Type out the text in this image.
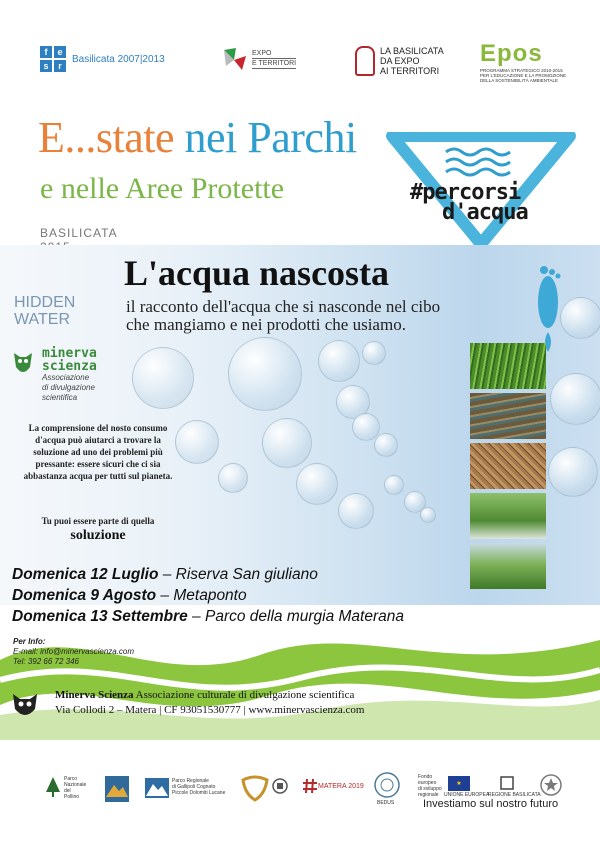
f	e
s	r
Basilicata 2007|2013	EXPO
E TERRITORI
LA BASILICATA
DA EXPO
AI TERRITORI
Epos
PROGRAMMA STRATEGICO 2010-2015 PER L'EDUCAZIONE E LA PROMOZIONE DELLA SOSTENIBILITÀ AMBIENTALE
E...state nei Parchi
e nelle Aree Protette	#percorsi
d'acqua
BASILICATA
L'acqua nascosta
il racconto dell'acqua che si nasconde nel cibo che mangiamo e nei prodotti che usiamo.
HIDDEN
WATER
minerva
scienza
Associazione
di divulgazione
scientifica
La comprensione del nosto consumo d'acqua può aiutarci a trovare la soluzione ad uno dei problemi più pressante: essere sicuri che ci sia abbastanza acqua per tutti sul pianeta.
Tu puoi essere parte di quella
soluzione
Domenica 12 Luglio – Riserva San giuliano
Domenica 9 Agosto – Metaponto
Domenica 13 Settembre – Parco della murgia Materana
Per Info:
E-mail: info@minervascienza.com
Tel: 392 66 72 346
Minerva Scienza Associazione culturale di divulgazione scientifica
Via Collodi 2 – Matera | CF 93051530777 | www.minervascienza.com
Parco
Nazionale
del
Pollino
Parco Regionale
di Gallipoli Cognato
Piccole Dolomiti Lucane
MATERA 2019
BEDUS
Fondo
europeo
di sviluppo
regionale
★
UNIONE EUROPEA
REGIONE BASILICATA
Investiamo sul nostro futuro
